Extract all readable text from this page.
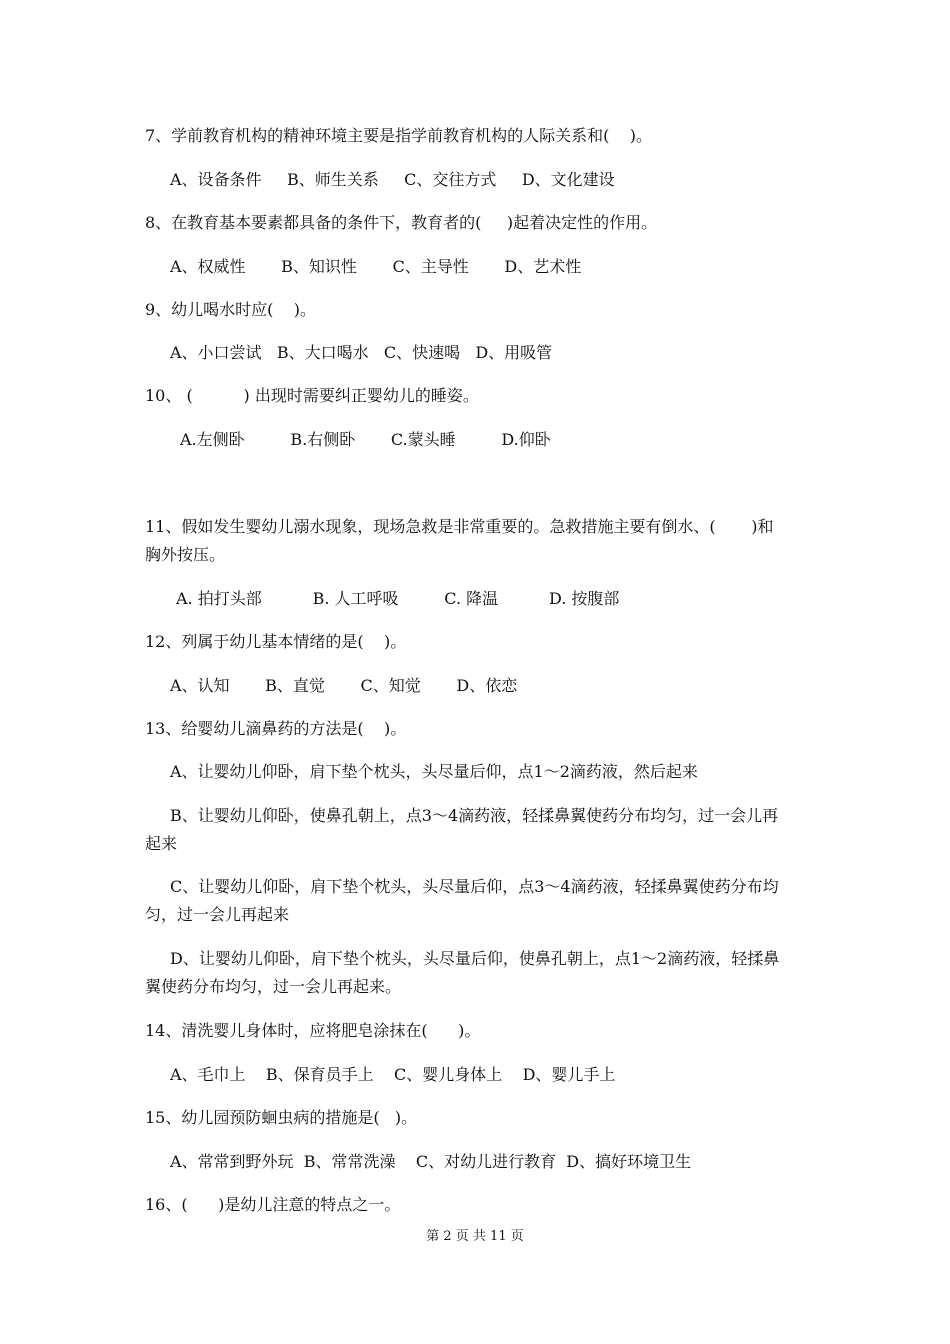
7、学前教育机构的精神环境主要是指学前教育机构的人际关系和(    )。
A、设备条件     B、师生关系     C、交往方式     D、文化建设
8、在教育基本要素都具备的条件下，教育者的(     )起着决定性的作用。
A、权威性       B、知识性       C、主导性       D、艺术性
9、幼儿喝水时应(    )。
A、小口尝试   B、大口喝水   C、快速喝   D、用吸管
10、 (          ) 出现时需要纠正婴幼儿的睡姿。
A.左侧卧         B.右侧卧       C.蒙头睡         D.仰卧
11、假如发生婴幼儿溺水现象，现场急救是非常重要的。急救措施主要有倒水、(       )和
胸外按压。
A. 拍打头部          B. 人工呼吸         C. 降温          D. 按腹部
12、列属于幼儿基本情绪的是(    )。
A、认知       B、直觉       C、知觉       D、依恋
13、给婴幼儿滴鼻药的方法是(    )。
A、让婴幼儿仰卧，肩下垫个枕头，头尽量后仰，点1～2滴药液，然后起来
B、让婴幼儿仰卧，使鼻孔朝上，点3～4滴药液，轻揉鼻翼使药分布均匀，过一会儿再
起来
C、让婴幼儿仰卧，肩下垫个枕头，头尽量后仰，点3～4滴药液，轻揉鼻翼使药分布均
匀，过一会儿再起来
D、让婴幼儿仰卧，肩下垫个枕头，头尽量后仰，使鼻孔朝上，点1～2滴药液，轻揉鼻
翼使药分布均匀，过一会儿再起来。
14、清洗婴儿身体时，应将肥皂涂抹在(      )。
A、毛巾上    B、保育员手上    C、婴儿身体上    D、婴儿手上
15、幼儿园预防蛔虫病的措施是(   )。
A、常常到野外玩  B、常常洗澡    C、对幼儿进行教育  D、搞好环境卫生
16、(      )是幼儿注意的特点之一。
第 2 页 共 11 页
